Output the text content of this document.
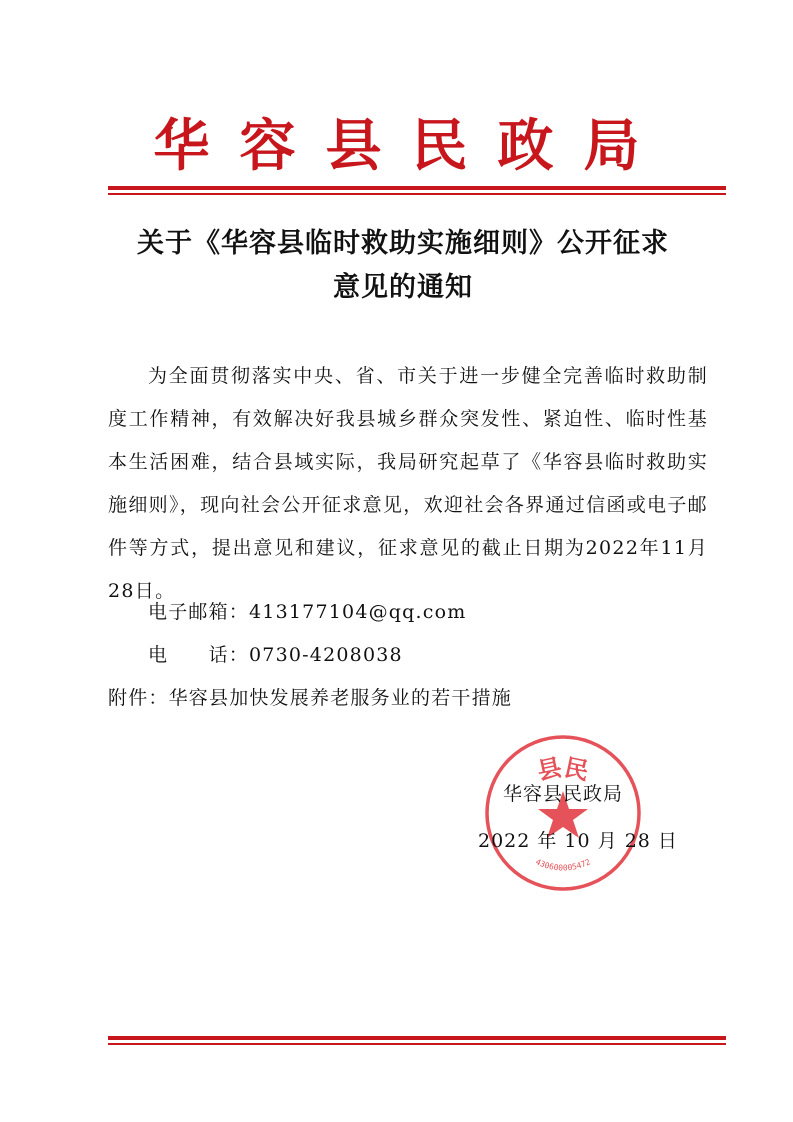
华容县民政局
关于《华容县临时救助实施细则》公开征求
意见的通知
为全面贯彻落实中央、省、市关于进一步健全完善临时救助制度工作精神，有效解决好我县城乡群众突发性、紧迫性、临时性基本生活困难，结合县域实际，我局研究起草了《华容县临时救助实施细则》，现向社会公开征求意见，欢迎社会各界通过信函或电子邮件等方式，提出意见和建议，征求意见的截止日期为2022年11月28日。
电子邮箱：413177104@qq.com
电　　话：0730-4208038
附件：华容县加快发展养老服务业的若干措施
县民
430600005472
华容县民政局
2022 年 10 月 28 日
